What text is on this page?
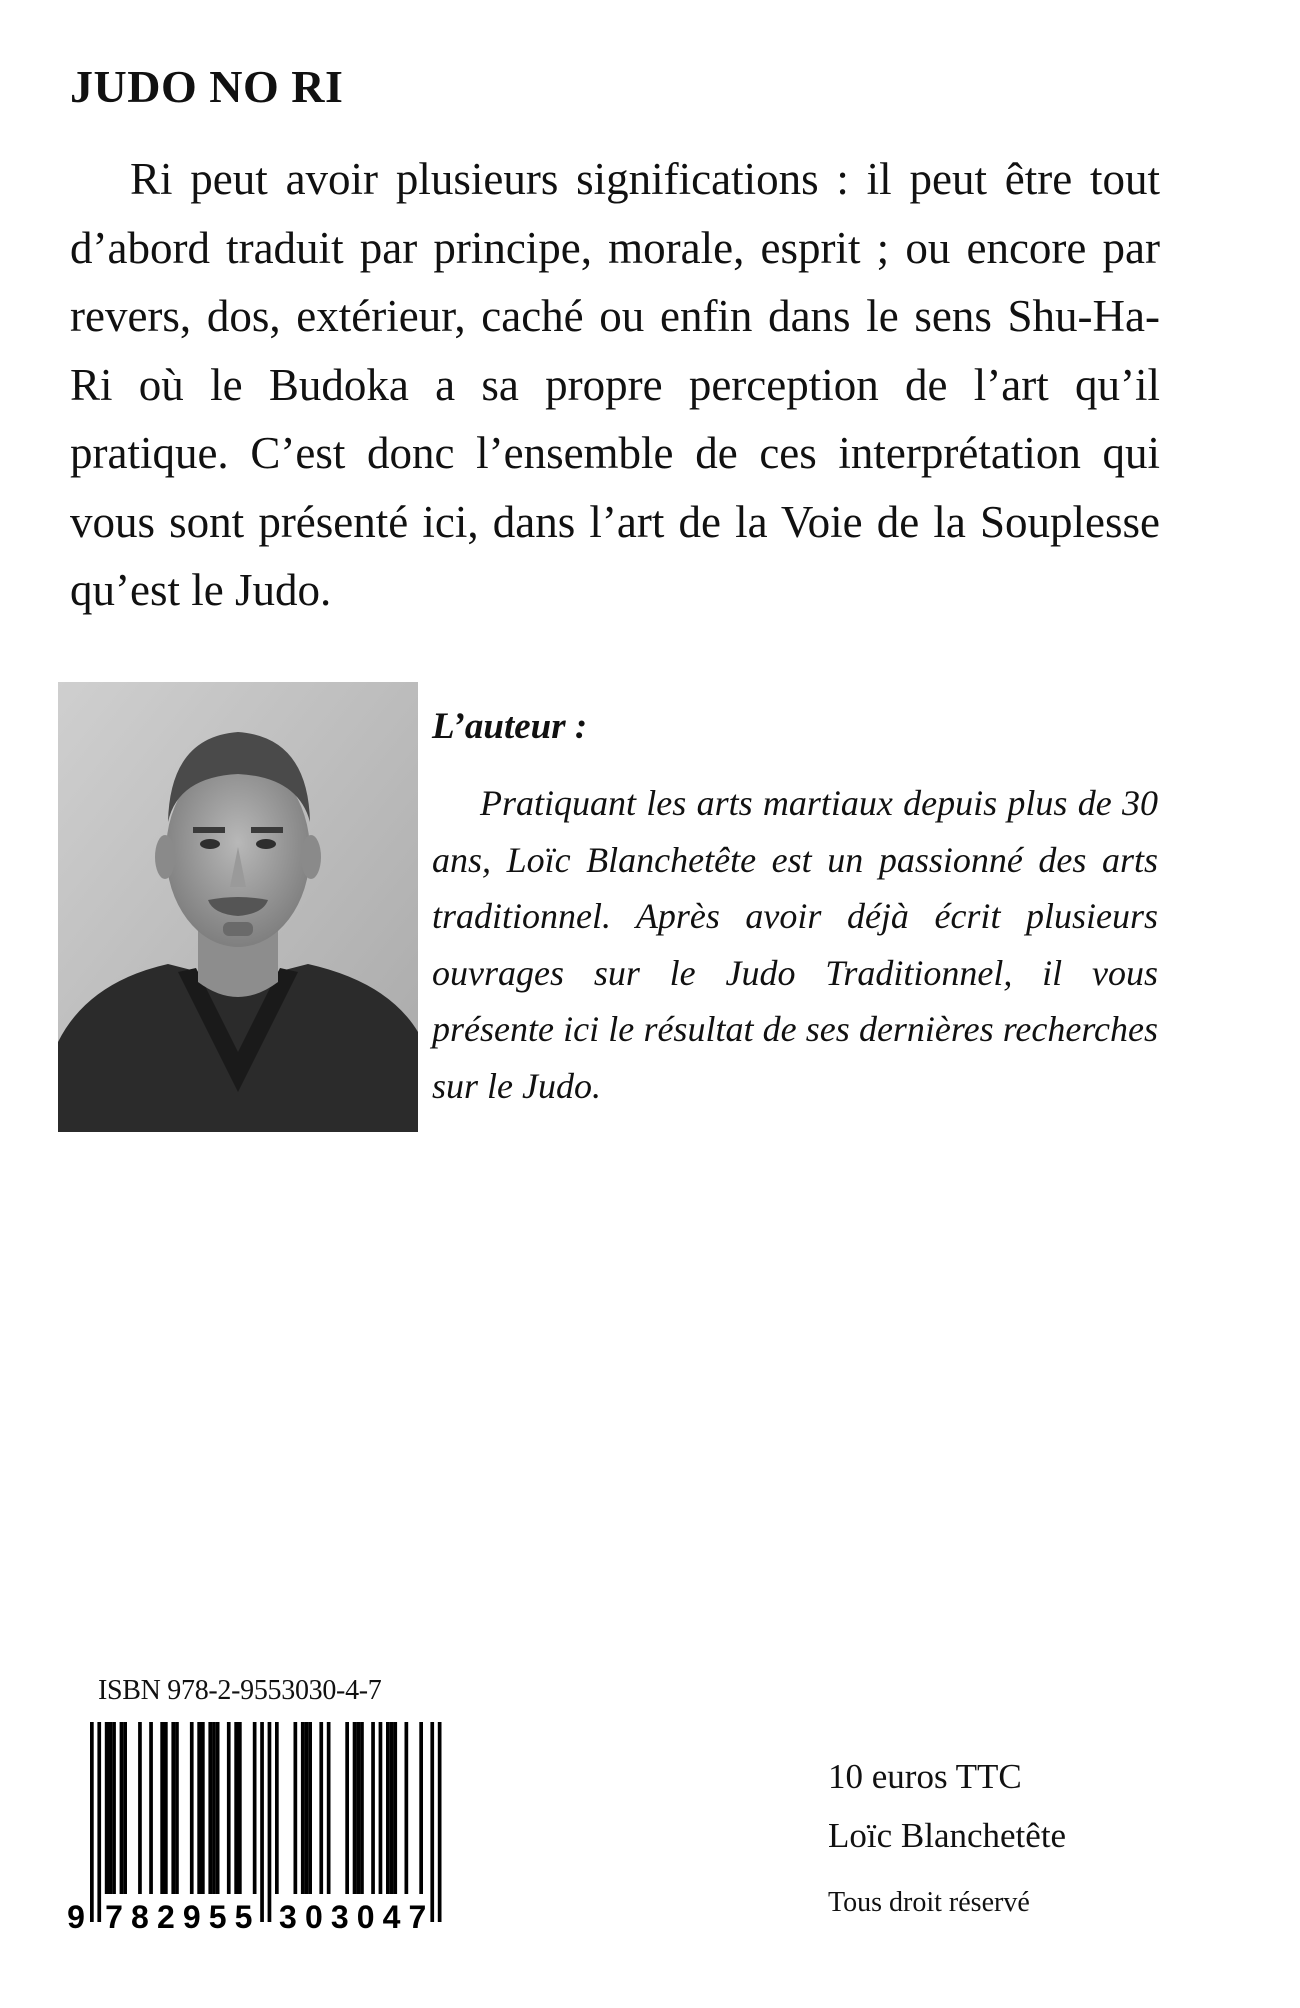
JUDO NO RI

Ri peut avoir plusieurs significations : il peut être tout d’abord traduit par principe, morale, esprit ; ou encore par revers, dos, extérieur, caché ou enfin dans le sens Shu-Ha-Ri où le Budoka a sa propre perception de l’art qu’il pratique. C’est donc l’ensemble de ces interprétation qui vous sont présenté ici, dans l’art de la Voie de la Souplesse qu’est le Judo.

L’auteur :

Pratiquant les arts martiaux depuis plus de 30 ans, Loïc Blanchetête est un passionné des arts traditionnel. Après avoir déjà écrit plusieurs ouvrages sur le Judo Traditionnel, il vous présente ici le résultat de ses dernières recherches sur le Judo.

ISBN 978-2-9553030-4-7

9 7 8 2 9 5 5 3 0 3 0 4 7

10 euros TTC

Loïc Blanchetête

Tous droit réservé
